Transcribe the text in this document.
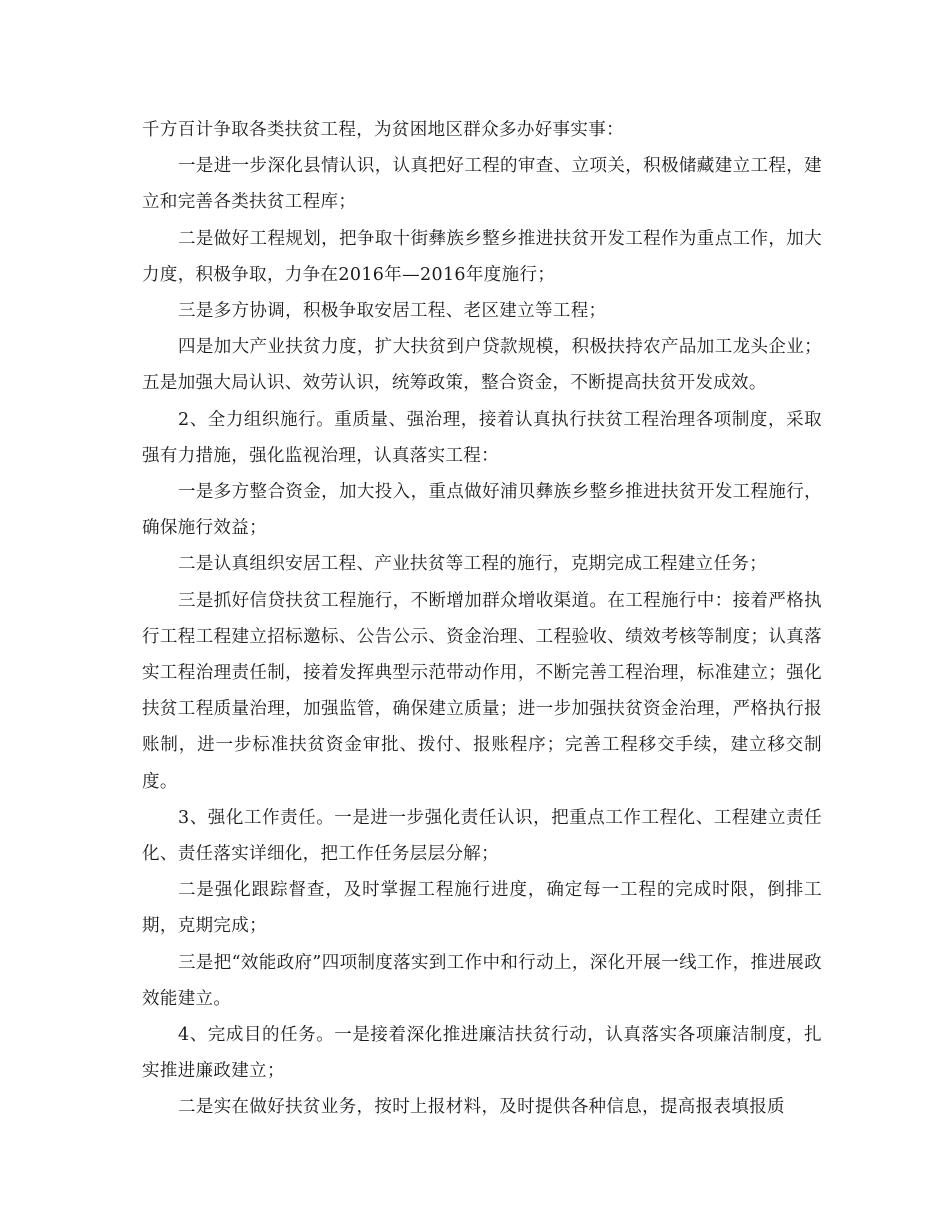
千方百计争取各类扶贫工程，为贫困地区群众多办好事实事：

一是进一步深化县情认识，认真把好工程的审查、立项关，积极储藏建立工程，建立和完善各类扶贫工程库；

二是做好工程规划，把争取十街彝族乡整乡推进扶贫开发工程作为重点工作，加大力度，积极争取，力争在2016年—2016年度施行；

三是多方协调，积极争取安居工程、老区建立等工程；

四是加大产业扶贫力度，扩大扶贫到户贷款规模，积极扶持农产品加工龙头企业；五是加强大局认识、效劳认识，统筹政策，整合资金，不断提高扶贫开发成效。

2、全力组织施行。重质量、强治理，接着认真执行扶贫工程治理各项制度，采取强有力措施，强化监视治理，认真落实工程：

一是多方整合资金，加大投入，重点做好浦贝彝族乡整乡推进扶贫开发工程施行，确保施行效益；

二是认真组织安居工程、产业扶贫等工程的施行，克期完成工程建立任务；

三是抓好信贷扶贫工程施行，不断增加群众增收渠道。在工程施行中：接着严格执行工程工程建立招标邀标、公告公示、资金治理、工程验收、绩效考核等制度；认真落实工程治理责任制，接着发挥典型示范带动作用，不断完善工程治理，标准建立；强化扶贫工程质量治理，加强监管，确保建立质量；进一步加强扶贫资金治理，严格执行报账制，进一步标准扶贫资金审批、拨付、报账程序；完善工程移交手续，建立移交制度。

3、强化工作责任。一是进一步强化责任认识，把重点工作工程化、工程建立责任化、责任落实详细化，把工作任务层层分解；

二是强化跟踪督查，及时掌握工程施行进度，确定每一工程的完成时限，倒排工期，克期完成；

三是把“效能政府”四项制度落实到工作中和行动上，深化开展一线工作，推进展政效能建立。

4、完成目的任务。一是接着深化推进廉洁扶贫行动，认真落实各项廉洁制度，扎实推进廉政建立；

二是实在做好扶贫业务，按时上报材料，及时提供各种信息，提高报表填报质
